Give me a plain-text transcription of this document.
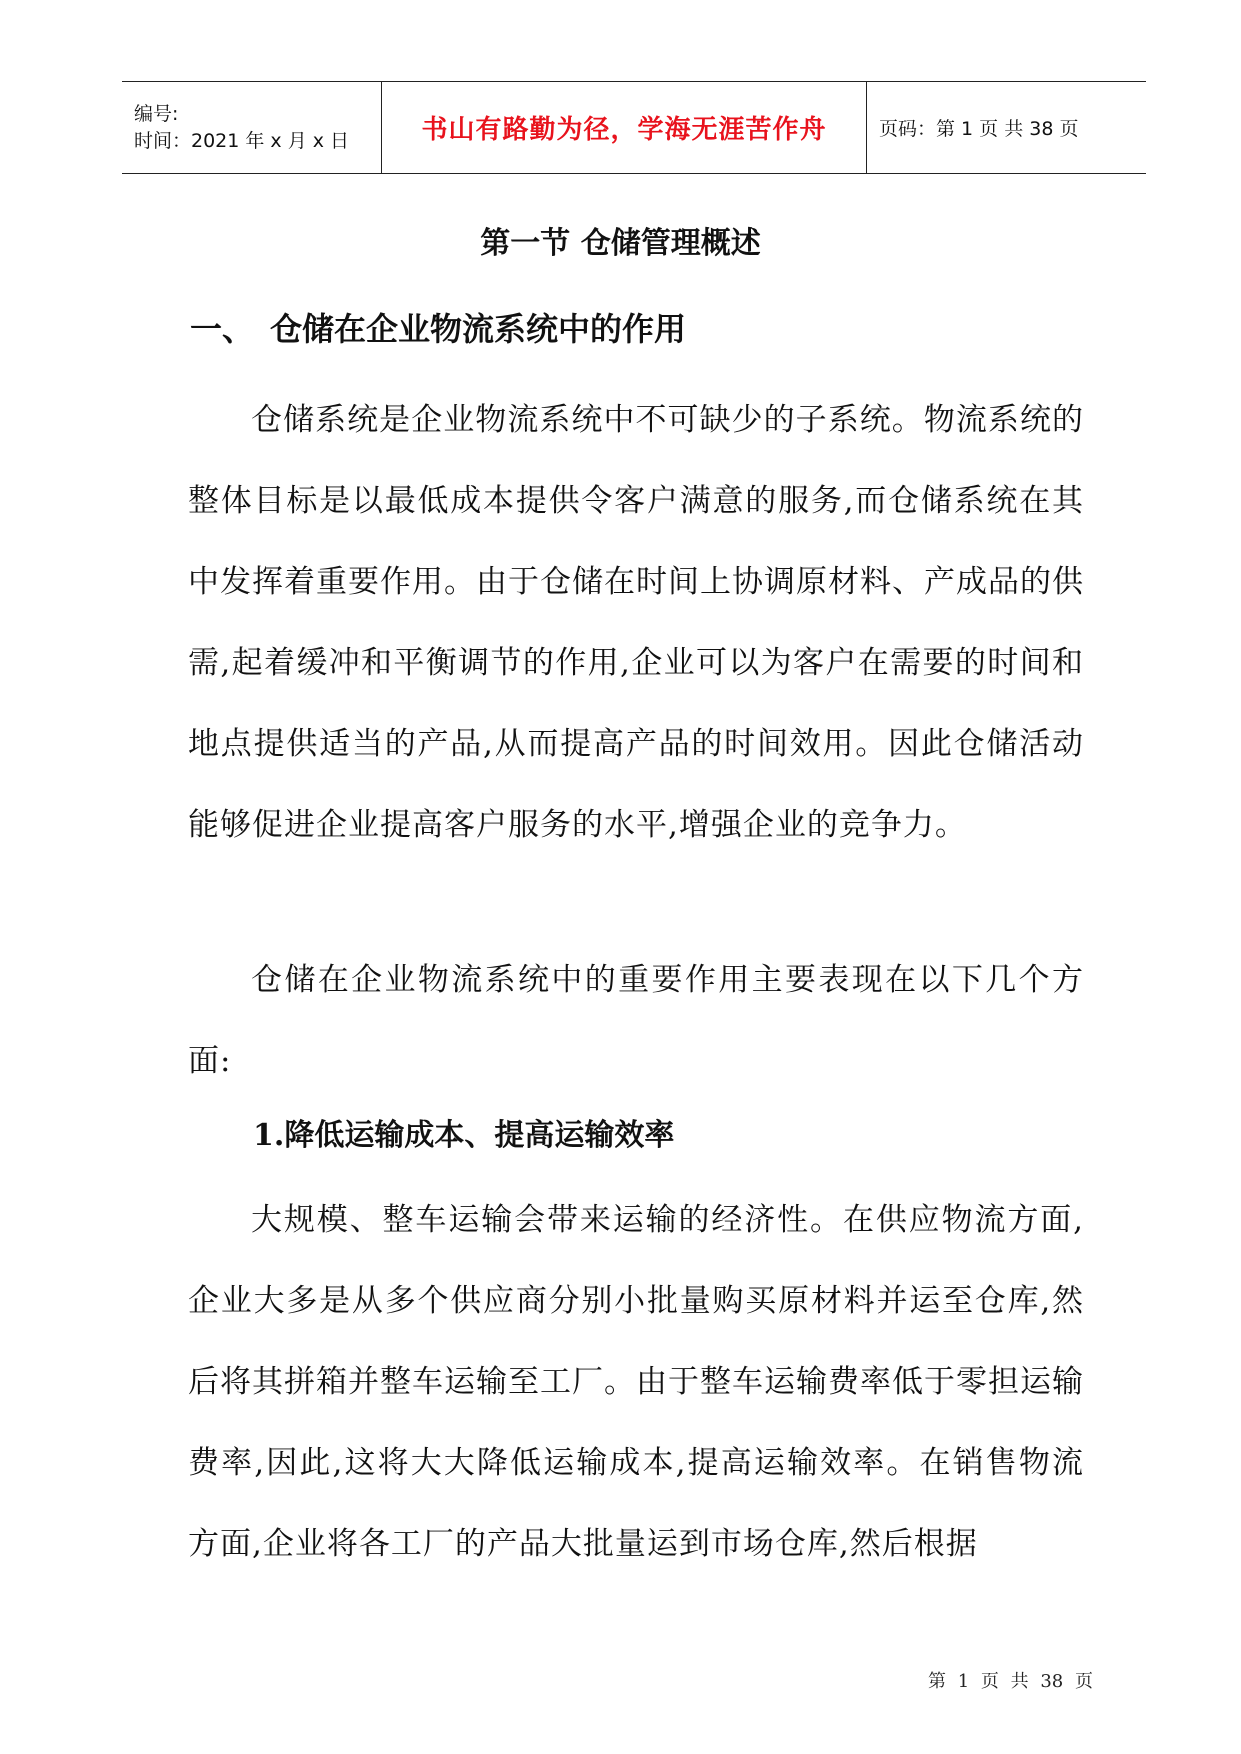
编号:
时间：2021 年 x 月 x 日	书山有路勤为径，学海无涯苦作舟	页码：第 1 页 共 38 页
第一节 仓储管理概述
一、 仓储在企业物流系统中的作用

仓储系统是企业物流系统中不可缺少的子系统。物流系统的整体目标是以最低成本提供令客户满意的服务,而仓储系统在其中发挥着重要作用。由于仓储在时间上协调原材料、产成品的供需,起着缓冲和平衡调节的作用,企业可以为客户在需要的时间和地点提供适当的产品,从而提高产品的时间效用。因此仓储活动能够促进企业提高客户服务的水平,增强企业的竞争力。

仓储在企业物流系统中的重要作用主要表现在以下几个方面:

1.降低运输成本、提高运输效率

大规模、整车运输会带来运输的经济性。在供应物流方面,企业大多是从多个供应商分别小批量购买原材料并运至仓库,然后将其拼箱并整车运输至工厂。由于整车运输费率低于零担运输费率,因此,这将大大降低运输成本,提高运输效率。在销售物流方面,企业将各工厂的产品大批量运到市场仓库,然后根据

第 1 页 共 38 页
